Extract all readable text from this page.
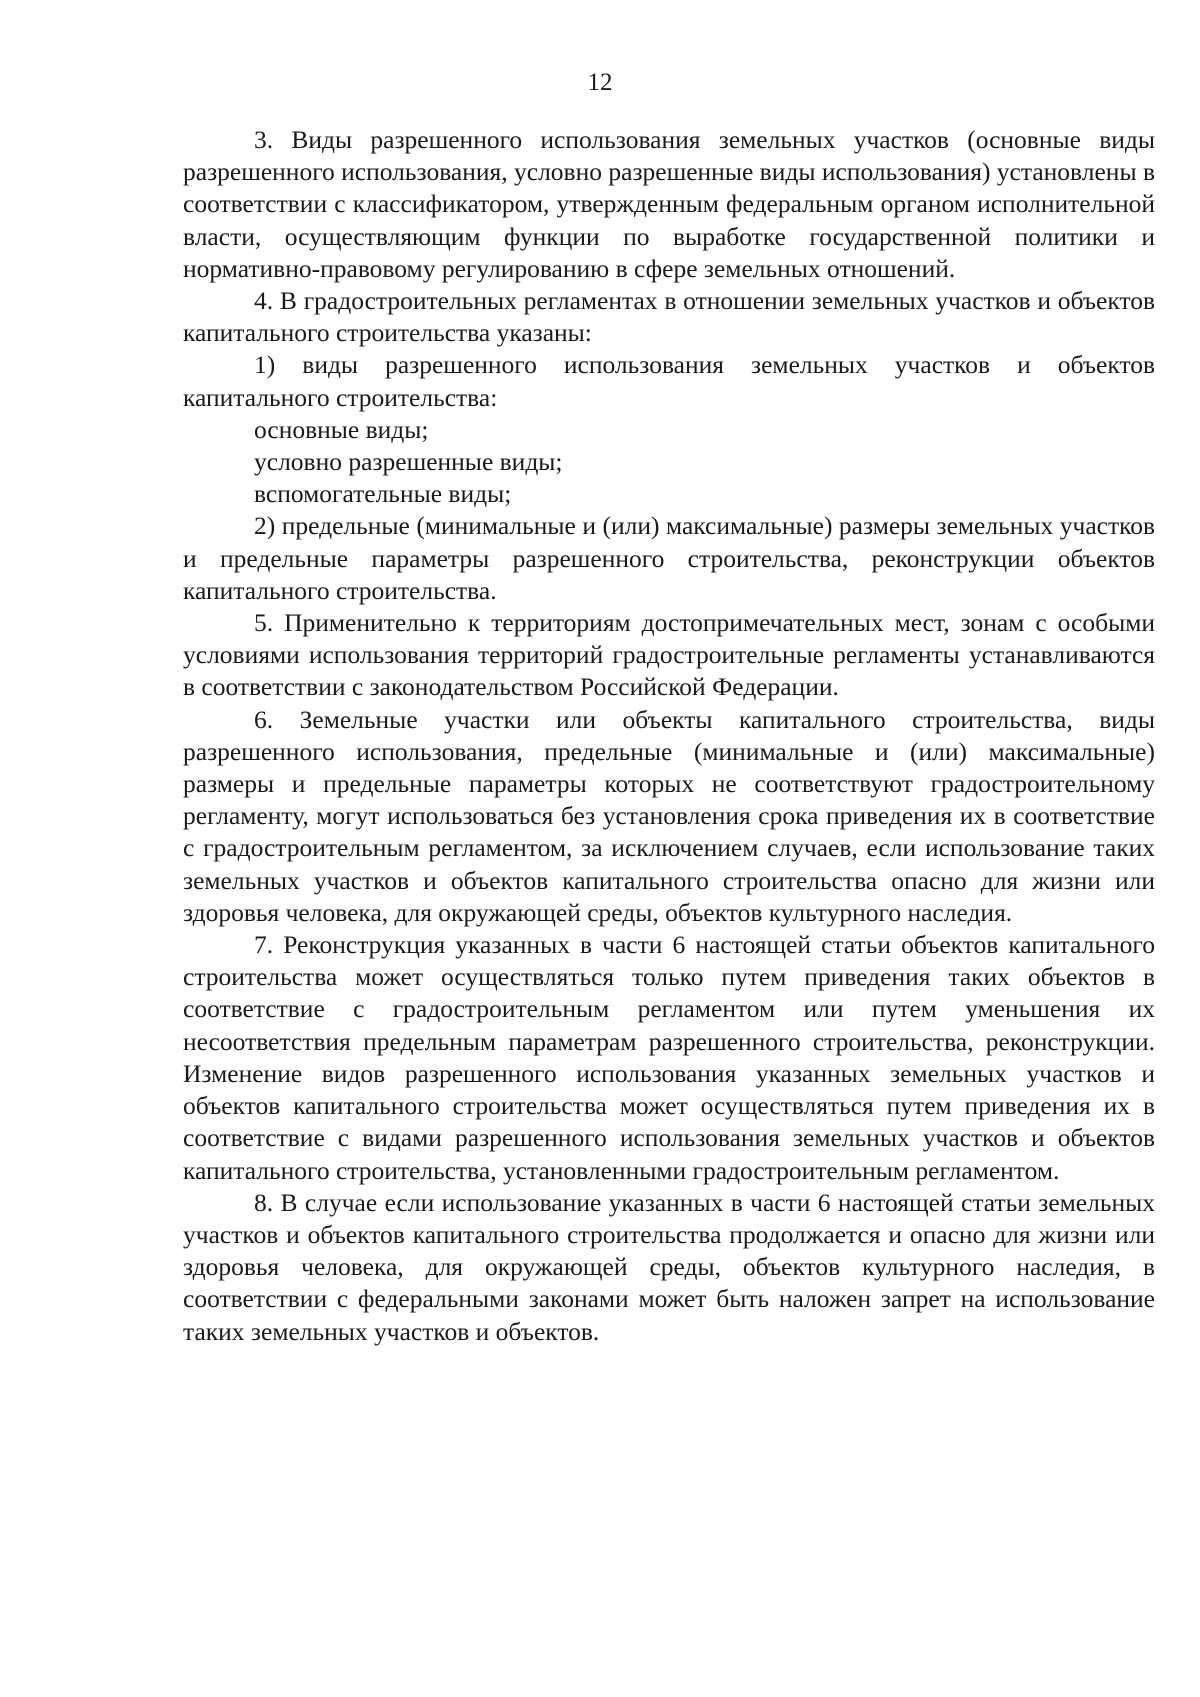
12

3. Виды разрешенного использования земельных участков (основные виды разрешенного использования, условно разрешенные виды использования) установлены в соответствии с классификатором, утвержденным федеральным органом исполнительной власти, осуществляющим функции по выработке государственной политики и нормативно-правовому регулированию в сфере земельных отношений.

4. В градостроительных регламентах в отношении земельных участков и объектов капитального строительства указаны:

1) виды разрешенного использования земельных участков и объектов капитального строительства:

основные виды;

условно разрешенные виды;

вспомогательные виды;

2) предельные (минимальные и (или) максимальные) размеры земельных участков и предельные параметры разрешенного строительства, реконструкции объектов капитального строительства.

5. Применительно к территориям достопримечательных мест, зонам с особыми условиями использования территорий градостроительные регламенты устанавливаются в соответствии с законодательством Российской Федерации.

6. Земельные участки или объекты капитального строительства, виды разрешенного использования, предельные (минимальные и (или) максимальные) размеры и предельные параметры которых не соответствуют градостроительному регламенту, могут использоваться без установления срока приведения их в соответствие с градостроительным регламентом, за исключением случаев, если использование таких земельных участков и объектов капитального строительства опасно для жизни или здоровья человека, для окружающей среды, объектов культурного наследия.

7. Реконструкция указанных в части 6 настоящей статьи объектов капитального строительства может осуществляться только путем приведения таких объектов в соответствие с градостроительным регламентом или путем уменьшения их несоответствия предельным параметрам разрешенного строительства, реконструкции. Изменение видов разрешенного использования указанных земельных участков и объектов капитального строительства может осуществляться путем приведения их в соответствие с видами разрешенного использования земельных участков и объектов капитального строительства, установленными градостроительным регламентом.

8. В случае если использование указанных в части 6 настоящей статьи земельных участков и объектов капитального строительства продолжается и опасно для жизни или здоровья человека, для окружающей среды, объектов культурного наследия, в соответствии с федеральными законами может быть наложен запрет на использование таких земельных участков и объектов.
